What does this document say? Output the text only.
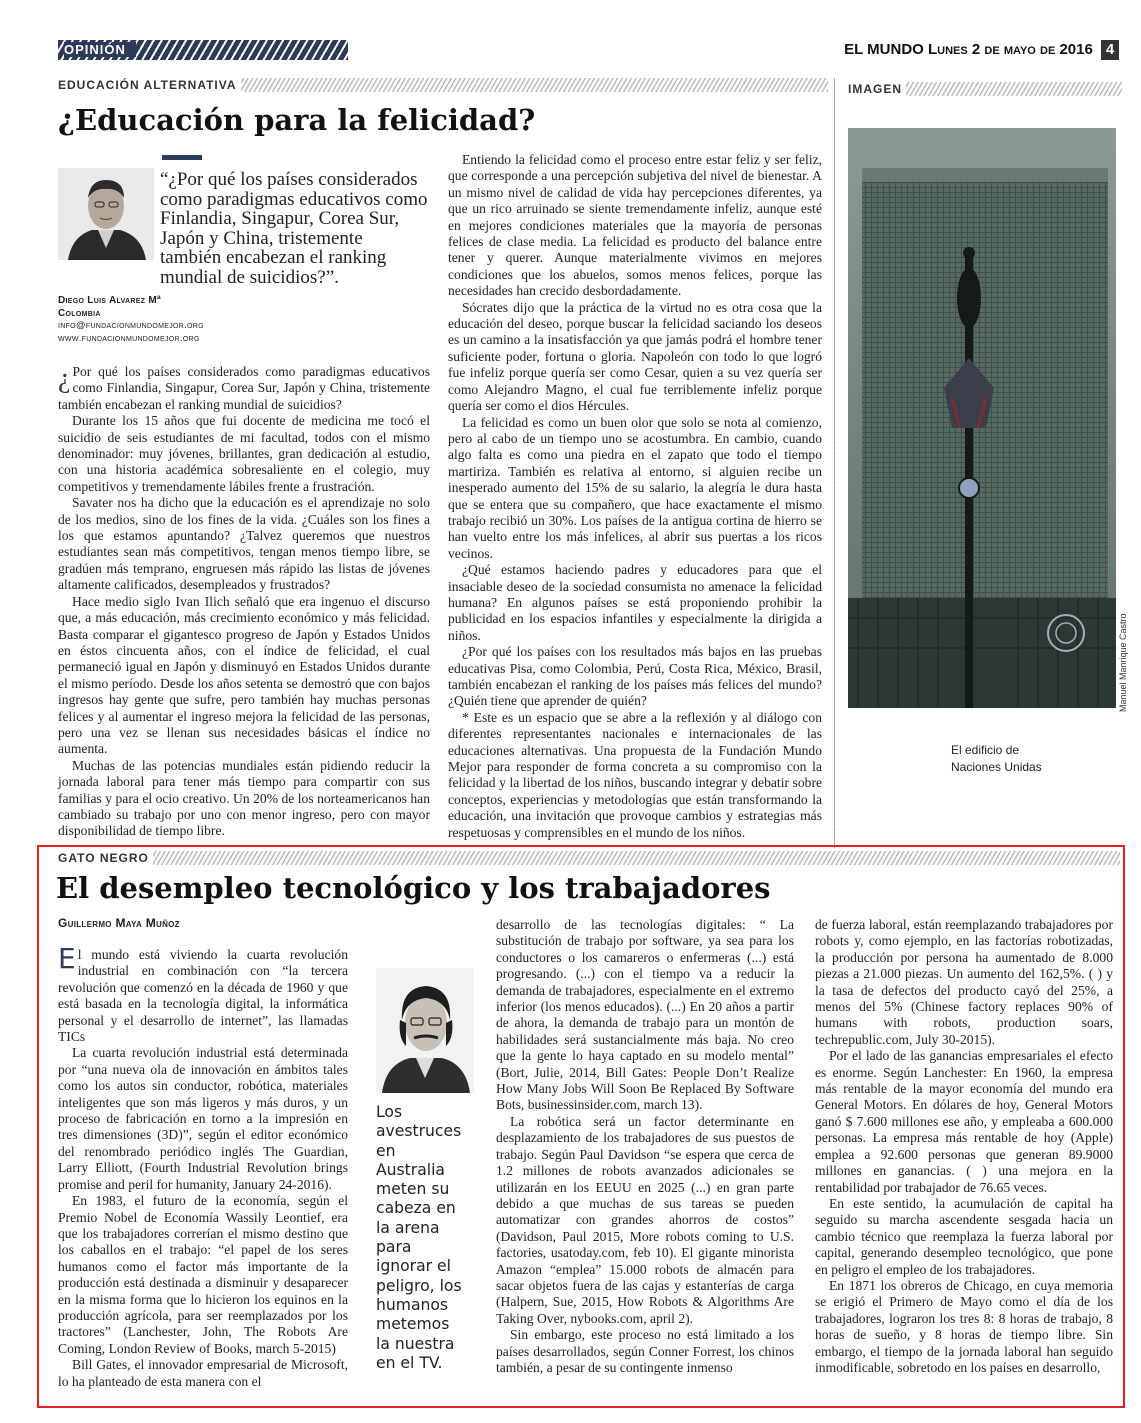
OPINIÓN	EL MUNDO Lunes 2 de mayo de 2016 4
EDUCACIÓN ALTERNATIVA
¿Educación para la felicidad?
“¿Por qué los países considerados como paradigmas educativos como Finlandia, Singapur, Corea Sur, Japón y China, tristemente también encabezan el ranking mundial de suicidios?”.
Diego Luis Alvarez Mª
Colombia
info@fundacionmundomejor.org
www.fundacionmundomejor.org

¿ Por qué los países considerados como paradigmas educativos como Finlandia, Singapur, Corea Sur, Japón y China, tristemente también encabezan el ranking mundial de suicidios?

Durante los 15 años que fui docente de medicina me tocó el suicidio de seis estudiantes de mi facultad, todos con el mismo denominador: muy jóvenes, brillantes, gran dedicación al estudio, con una historia académica sobresaliente en el colegio, muy competitivos y tremendamente lábiles frente a frustración.

Savater nos ha dicho que la educación es el aprendizaje no solo de los medios, sino de los fines de la vida. ¿Cuáles son los fines a los que estamos apuntando? ¿Talvez queremos que nuestros estudiantes sean más competitivos, tengan menos tiempo libre, se gradúen más temprano, engruesen más rápido las listas de jóvenes altamente calificados, desempleados y frustrados?

Hace medio siglo Ivan Ilich señaló que era ingenuo el discurso que, a más educación, más crecimiento económico y más felicidad. Basta comparar el gigantesco progreso de Japón y Estados Unidos en éstos cincuenta años, con el índice de felicidad, el cual permaneció igual en Japón y disminuyó en Estados Unidos durante el mismo período. Desde los años setenta se demostró que con bajos ingresos hay gente que sufre, pero también hay muchas personas felices y al aumentar el ingreso mejora la felicidad de las personas, pero una vez se llenan sus necesidades básicas el índice no aumenta.

Muchas de las potencias mundiales están pidiendo reducir la jornada laboral para tener más tiempo para compartir con sus familias y para el ocio creativo. Un 20% de los norteamericanos han cambiado su trabajo por uno con menor ingreso, pero con mayor disponibilidad de tiempo libre.

Entiendo la felicidad como el proceso entre estar feliz y ser feliz, que corresponde a una percepción subjetiva del nivel de bienestar. A un mismo nivel de calidad de vida hay percepciones diferentes, ya que un rico arruinado se siente tremendamente infeliz, aunque esté en mejores condiciones materiales que la mayoría de personas felices de clase media. La felicidad es producto del balance entre tener y querer. Aunque materialmente vivimos en mejores condiciones que los abuelos, somos menos felices, porque las necesidades han crecido desbordadamente.

Sócrates dijo que la práctica de la virtud no es otra cosa que la educación del deseo, porque buscar la felicidad saciando los deseos es un camino a la insatisfacción ya que jamás podrá el hombre tener suficiente poder, fortuna o gloria. Napoleón con todo lo que logró fue infeliz porque quería ser como Cesar, quien a su vez quería ser como Alejandro Magno, el cual fue terriblemente infeliz porque quería ser como el dios Hércules.

La felicidad es como un buen olor que solo se nota al comienzo, pero al cabo de un tiempo uno se acostumbra. En cambio, cuando algo falta es como una piedra en el zapato que todo el tiempo martiriza. También es relativa al entorno, si alguien recibe un inesperado aumento del 15% de su salario, la alegría le dura hasta que se entera que su compañero, que hace exactamente el mismo trabajo recibió un 30%. Los países de la antigua cortina de hierro se han vuelto entre los más infelices, al abrir sus puertas a los ricos vecinos.

¿Qué estamos haciendo padres y educadores para que el insaciable deseo de la sociedad consumista no amenace la felicidad humana? En algunos países se está proponiendo prohibir la publicidad en los espacios infantiles y especialmente la dirigida a niños.

¿Por qué los países con los resultados más bajos en las pruebas educativas Pisa, como Colombia, Perú, Costa Rica, México, Brasil, también encabezan el ranking de los países más felices del mundo? ¿Quién tiene que aprender de quién?

* Este es un espacio que se abre a la reflexión y al diálogo con diferentes representantes nacionales e internacionales de las educaciones alternativas. Una propuesta de la Fundación Mundo Mejor para responder de forma concreta a su compromiso con la felicidad y la libertad de los niños, buscando integrar y debatir sobre conceptos, experiencias y metodologías que están transformando la educación, una invitación que provoque cambios y estrategias más respetuosas y comprensibles en el mundo de los niños.

IMAGEN
Manuel Manrique Castro
El edificio de
Naciones Unidas
GATO NEGRO
El desempleo tecnológico y los trabajadores
Guillermo Maya Muñoz

El mundo está viviendo la cuarta revolución industrial en combinación con “la tercera revolución que comenzó en la década de 1960 y que está basada en la tecnología digital, la informática personal y el desarrollo de internet”, las llamadas TICs

La cuarta revolución industrial está determinada por “una nueva ola de innovación en ámbitos tales como los autos sin conductor, robótica, materiales inteligentes que son más ligeros y más duros, y un proceso de fabricación en torno a la impresión en tres dimensiones (3D)”, según el editor económico del renombrado periódico inglés The Guardian, Larry Elliott, (Fourth Industrial Revolution brings promise and peril for humanity, January 24-2016).

En 1983, el futuro de la economía, según el Premio Nobel de Economía Wassily Leontief, era que los trabajadores correrían el mismo destino que los caballos en el trabajo: “el papel de los seres humanos como el factor más importante de la producción está destinada a disminuir y desaparecer en la misma forma que lo hicieron los equinos en la producción agrícola, para ser reemplazados por los tractores” (Lanchester, John, The Robots Are Coming, London Review of Books, march 5-2015)

Bill Gates, el innovador empresarial de Microsoft, lo ha planteado de esta manera con el

Los avestruces en Australia meten su cabeza en la arena para ignorar el peligro, los humanos metemos la nuestra en el TV.

desarrollo de las tecnologías digitales: “ La substitución de trabajo por software, ya sea para los conductores o los camareros o enfermeras (...) está progresando. (...) con el tiempo va a reducir la demanda de trabajadores, especialmente en el extremo inferior (los menos educados). (...) En 20 años a partir de ahora, la demanda de trabajo para un montón de habilidades será sustancialmente más baja. No creo que la gente lo haya captado en su modelo mental” (Bort, Julie, 2014, Bill Gates: People Don’t Realize How Many Jobs Will Soon Be Replaced By Software Bots, businessinsider.com, march 13).

La robótica será un factor determinante en desplazamiento de los trabajadores de sus puestos de trabajo. Según Paul Davidson “se espera que cerca de 1.2 millones de robots avanzados adicionales se utilizarán en los EEUU en 2025 (...) en gran parte debido a que muchas de sus tareas se pueden automatizar con grandes ahorros de costos” (Davidson, Paul 2015, More robots coming to U.S. factories, usatoday.com, feb 10). El gigante minorista Amazon “emplea” 15.000 robots de almacén para sacar objetos fuera de las cajas y estanterías de carga (Halpern, Sue, 2015, How Robots & Algorithms Are Taking Over, nybooks.com, april 2).

Sin embargo, este proceso no está limitado a los países desarrollados, según Conner Forrest, los chinos también, a pesar de su contingente inmenso

de fuerza laboral, están reemplazando trabajadores por robots y, como ejemplo, en las factorías robotizadas, la producción por persona ha aumentado de 8.000 piezas a 21.000 piezas. Un aumento del 162,5%. ( ) y la tasa de defectos del producto cayó del 25%, a menos del 5% (Chinese factory replaces 90% of humans with robots, production soars, techrepublic.com, July 30-2015).

Por el lado de las ganancias empresariales el efecto es enorme. Según Lanchester: En 1960, la empresa más rentable de la mayor economía del mundo era General Motors. En dólares de hoy, General Motors ganó $ 7.600 millones ese año, y empleaba a 600.000 personas. La empresa más rentable de hoy (Apple) emplea a 92.600 personas que generan 89.9000 millones en ganancias. ( ) una mejora en la rentabilidad por trabajador de 76.65 veces.

En este sentido, la acumulación de capital ha seguido su marcha ascendente sesgada hacia un cambio técnico que reemplaza la fuerza laboral por capital, generando desempleo tecnológico, que pone en peligro el empleo de los trabajadores.

En 1871 los obreros de Chicago, en cuya memoria se erigió el Primero de Mayo como el día de los trabajadores, lograron los tres 8: 8 horas de trabajo, 8 horas de sueño, y 8 horas de tiempo libre. Sin embargo, el tiempo de la jornada laboral han seguido inmodificable, sobretodo en los países en desarrollo,
